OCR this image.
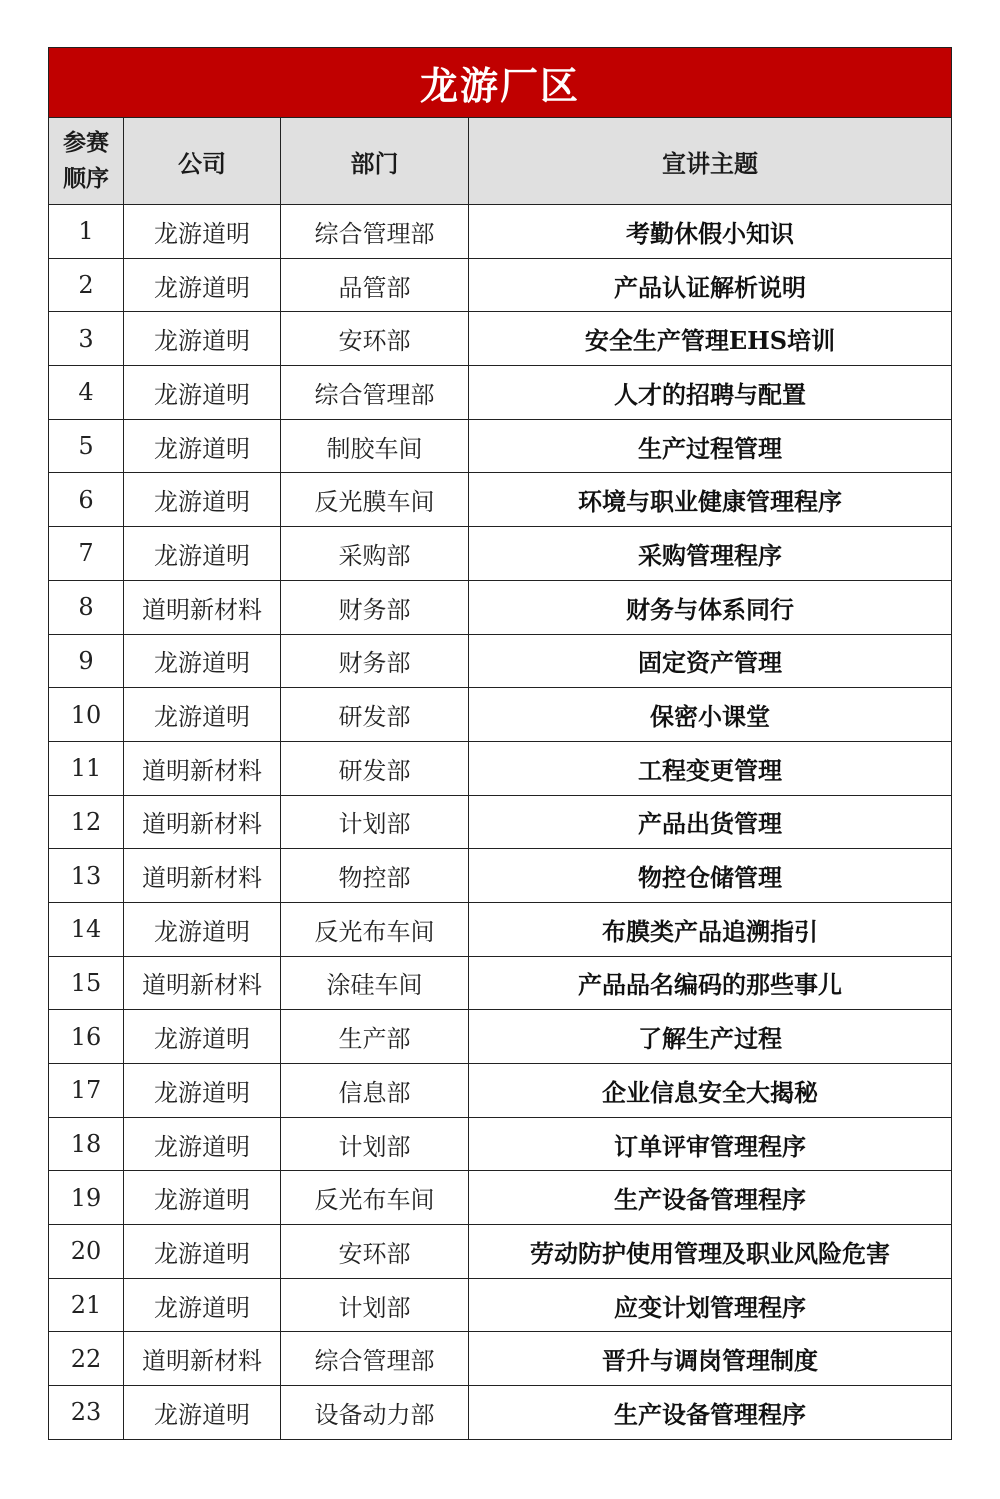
龙游厂区			
参赛
顺序	公司	部门	宣讲主题
1	龙游道明	综合管理部	考勤休假小知识
2	龙游道明	品管部	产品认证解析说明
3	龙游道明	安环部	安全生产管理EHS培训
4	龙游道明	综合管理部	人才的招聘与配置
5	龙游道明	制胶车间	生产过程管理
6	龙游道明	反光膜车间	环境与职业健康管理程序
7	龙游道明	采购部	采购管理程序
8	道明新材料	财务部	财务与体系同行
9	龙游道明	财务部	固定资产管理
10	龙游道明	研发部	保密小课堂
11	道明新材料	研发部	工程变更管理
12	道明新材料	计划部	产品出货管理
13	道明新材料	物控部	物控仓储管理
14	龙游道明	反光布车间	布膜类产品追溯指引
15	道明新材料	涂硅车间	产品品名编码的那些事儿
16	龙游道明	生产部	了解生产过程
17	龙游道明	信息部	企业信息安全大揭秘
18	龙游道明	计划部	订单评审管理程序
19	龙游道明	反光布车间	生产设备管理程序
20	龙游道明	安环部	劳动防护使用管理及职业风险危害
21	龙游道明	计划部	应变计划管理程序
22	道明新材料	综合管理部	晋升与调岗管理制度
23	龙游道明	设备动力部	生产设备管理程序
